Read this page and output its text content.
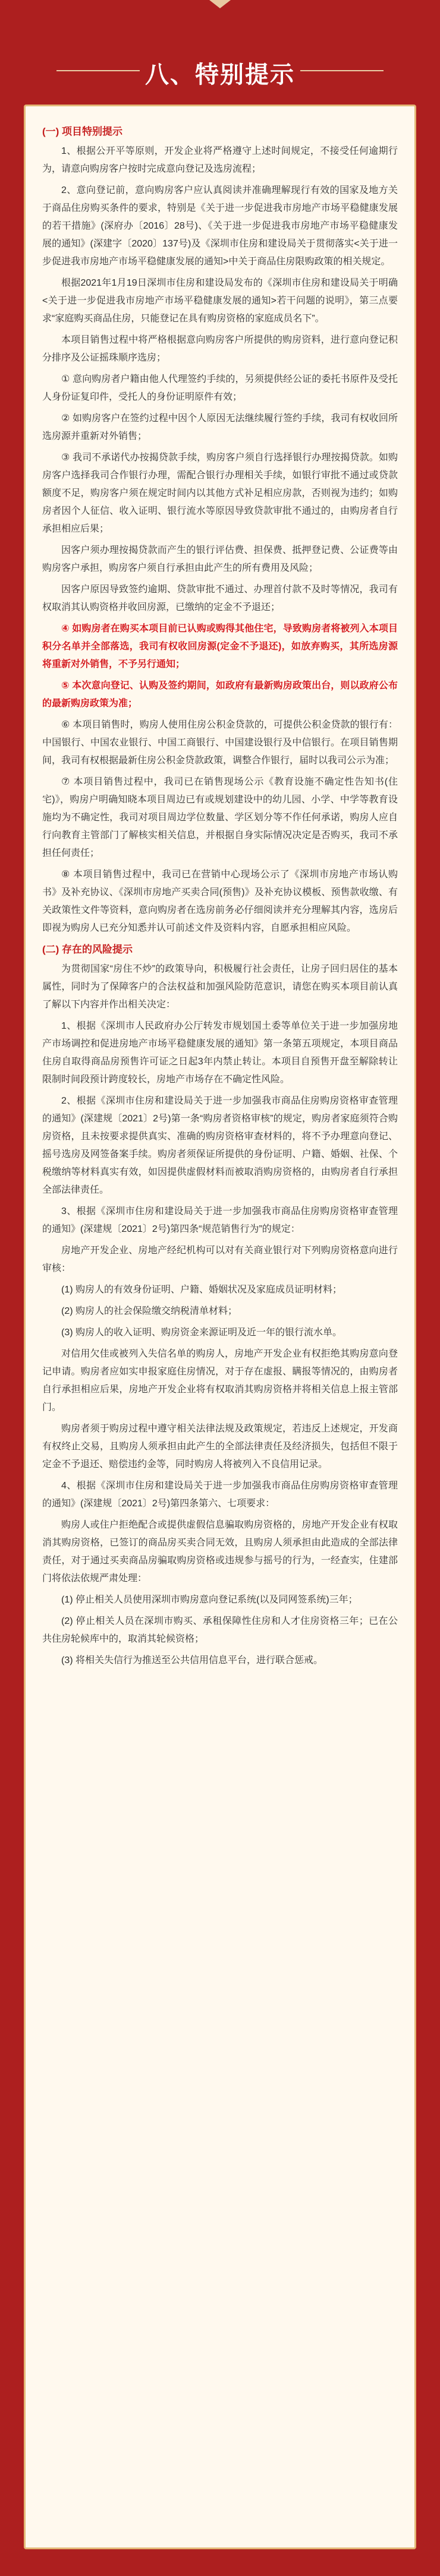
八、特别提示
(一) 项目特别提示

1、根据公开平等原则，开发企业将严格遵守上述时间规定，不接受任何逾期行为，请意向购房客户按时完成意向登记及选房流程；

2、意向登记前，意向购房客户应认真阅读并准确理解现行有效的国家及地方关于商品住房购买条件的要求，特别是《关于进一步促进我市房地产市场平稳健康发展的若干措施》(深府办〔2016〕28号)、《关于进一步促进我市房地产市场平稳健康发展的通知》(深建字〔2020〕137号)及《深圳市住房和建设局关于贯彻落实<关于进一步促进我市房地产市场平稳健康发展的通知>中关于商品住房限购政策的相关规定。

根据2021年1月19日深圳市住房和建设局发布的《深圳市住房和建设局关于明确<关于进一步促进我市房地产市场平稳健康发展的通知>若干问题的说明》，第三点要求“家庭购买商品住房，只能登记在具有购房资格的家庭成员名下”。

本项目销售过程中将严格根据意向购房客户所提供的购房资料，进行意向登记积分排序及公证摇珠顺序选房；

① 意向购房者户籍由他人代理签约手续的，另须提供经公证的委托书原件及受托人身份证复印件，受托人的身份证明原件有效；

② 如购房客户在签约过程中因个人原因无法继续履行签约手续，我司有权收回所选房源并重新对外销售；

③ 我司不承诺代办按揭贷款手续，购房客户须自行选择银行办理按揭贷款。如购房客户选择我司合作银行办理，需配合银行办理相关手续，如银行审批不通过或贷款额度不足，购房客户须在规定时间内以其他方式补足相应房款，否则视为违约；如购房者因个人征信、收入证明、银行流水等原因导致贷款审批不通过的，由购房者自行承担相应后果；

因客户须办理按揭贷款而产生的银行评估费、担保费、抵押登记费、公证费等由购房客户承担，购房客户须自行承担由此产生的所有费用及风险；

因客户原因导致签约逾期、贷款审批不通过、办理首付款不及时等情况，我司有权取消其认购资格并收回房源，已缴纳的定金不予退还；

④ 如购房者在购买本项目前已认购或购得其他住宅，导致购房者将被列入本项目积分名单并全部落选，我司有权收回房源(定金不予退还)，如放弃购买，其所选房源将重新对外销售，不予另行通知；

⑤ 本次意向登记、认购及签约期间，如政府有最新购房政策出台，则以政府公布的最新购房政策为准；

⑥ 本项目销售时，购房人使用住房公积金贷款的，可提供公积金贷款的银行有：中国银行、中国农业银行、中国工商银行、中国建设银行及中信银行。在项目销售期间，我司有权根据最新住房公积金贷款政策，调整合作银行，届时以我司公示为准；

⑦ 本项目销售过程中，我司已在销售现场公示《教育设施不确定性告知书(住宅)》，购房户明确知晓本项目周边已有或规划建设中的幼儿园、小学、中学等教育设施均为不确定性，我司对项目周边学位数量、学区划分等不作任何承诺，购房人应自行向教育主管部门了解核实相关信息，并根据自身实际情况决定是否购买，我司不承担任何责任；

⑧ 本项目销售过程中，我司已在营销中心现场公示了《深圳市房地产市场认购书》及补充协议、《深圳市房地产买卖合同(预售)》及补充协议模板、预售款收缴、有关政策性文件等资料，意向购房者在选房前务必仔细阅读并充分理解其内容，选房后即视为购房人已充分知悉并认可前述文件及资料内容，自愿承担相应风险。

(二) 存在的风险提示

为贯彻国家“房住不炒”的政策导向，积极履行社会责任，让房子回归居住的基本属性，同时为了保障客户的合法权益和加强风险防范意识，请您在购买本项目前认真了解以下内容并作出相关决定：

1、根据《深圳市人民政府办公厅转发市规划国土委等单位关于进一步加强房地产市场调控和促进房地产市场平稳健康发展的通知》第一条第五项规定，本项目商品住房自取得商品房预售许可证之日起3年内禁止转让。本项目自预售开盘至解除转让限制时间段预计跨度较长，房地产市场存在不确定性风险。

2、根据《深圳市住房和建设局关于进一步加强我市商品住房购房资格审查管理的通知》(深建规〔2021〕2号)第一条“购房者资格审核”的规定，购房者家庭须符合购房资格，且未按要求提供真实、准确的购房资格审查材料的，将不予办理意向登记、摇号选房及网签备案手续。购房者须保证所提供的身份证明、户籍、婚姻、社保、个税缴纳等材料真实有效，如因提供虚假材料而被取消购房资格的，由购房者自行承担全部法律责任。

3、根据《深圳市住房和建设局关于进一步加强我市商品住房购房资格审查管理的通知》(深建规〔2021〕2号)第四条“规范销售行为”的规定：

房地产开发企业、房地产经纪机构可以对有关商业银行对下列购房资格意向进行审核：

(1) 购房人的有效身份证明、户籍、婚姻状况及家庭成员证明材料；

(2) 购房人的社会保险缴交纳税清单材料；

(3) 购房人的收入证明、购房资金来源证明及近一年的银行流水单。

对信用欠佳或被列入失信名单的购房人，房地产开发企业有权拒绝其购房意向登记申请。购房者应如实申报家庭住房情况，对于存在虚报、瞒报等情况的，由购房者自行承担相应后果，房地产开发企业将有权取消其购房资格并将相关信息上报主管部门。

购房者须于购房过程中遵守相关法律法规及政策规定，若违反上述规定，开发商有权终止交易，且购房人须承担由此产生的全部法律责任及经济损失，包括但不限于定金不予退还、赔偿违约金等，同时购房人将被列入不良信用记录。

4、根据《深圳市住房和建设局关于进一步加强我市商品住房购房资格审查管理的通知》(深建规〔2021〕2号)第四条第六、七项要求：

购房人或住户拒绝配合或提供虚假信息骗取购房资格的，房地产开发企业有权取消其购房资格，已签订的商品房买卖合同无效，且购房人须承担由此造成的全部法律责任，对于通过买卖商品房骗取购房资格或违规参与摇号的行为，一经查实，住建部门将依法依规严肃处理：

(1) 停止相关人员使用深圳市购房意向登记系统(以及同网签系统)三年；

(2) 停止相关人员在深圳市购买、承租保障性住房和人才住房资格三年；已在公共住房轮候库中的，取消其轮候资格；

(3) 将相关失信行为推送至公共信用信息平台，进行联合惩戒。
